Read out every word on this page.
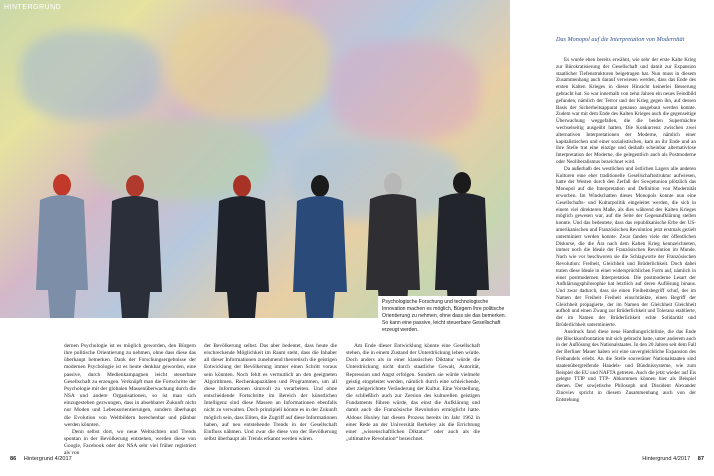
HINTERGRUND
Psychologische Forschung und technologische Innovation machen es möglich, Bürgern ihre politische Orientierung zu nehmen, ohne dass sie das bemerken. So kann eine passive, leicht steuerbare Gesellschaft erzeugt werden.

dernen Psychologie ist es möglich geworden, den Bürgern ihre politische Orientierung zu nehmen, ohne dass diese das überhaupt bemerken. Dank der Forschungsergebnisse der modernen Psychologie ist es heute denkbar geworden, eine passive, durch Medienkampagnen leicht steuerbare Gesellschaft zu erzeugen. Verknüpft man die Fortschritte der Psychologie mit der globalen Massenüberwachung durch die NSA und andere Organisationen, so ist man sich einzugestehen gezwungen, dass in absehbarer Zukunft nicht nur Moden und Lebensorientierungen, sondern überhaupt die Evolution von Weltbildern berechenbar und plänbar werden könnten.

Denn selbst dort, wo neue Weltsichten und Trends spontan in der Bevölkerung entstehen, werden diese von Google, Facebook oder der NSA sehr viel früher registriert als von

der Bevölkerung selbst. Das aber bedeutet, dass heute die erschreckende Möglichkeit im Raum steht, dass die Inhaber all dieser Informationen zunehmend theoretisch die geistigen Entwicklung der Bevölkerung immer einen Schritt voraus sein könnten. Noch fehlt es vermutlich an den geeigneten Algorithmen, Rechenkapazitäten und Programmen, um all diese Informationen sinnvoll zu verarbeiten. Und ohne entscheidende Fortschritte im Bereich der künstlichen Intelligenz sind diese Massen an Informationen ebenfalls nicht zu verwalten. Doch prinzipiell könnte es in der Zukunft möglich sein, dass Eliten, die Zugriff auf diese Informationen haben, auf neu entstehende Trends in der Gesellschaft Einfluss nähmen. Und zwar die diese von der Bevölkerung selbst überhaupt als Trends erkannt werden wären.

Am Ende dieser Entwicklung könnte eine Gesellschaft stehen, die in einem Zustand der Unterdrückung leben würde. Doch anders als in einer klassischen Diktatur würde die Unterdrückung nicht durch staatliche Gewalt, Autorität, Repression und Angst erfolgen. Sondern sie würde vielmehr geistig eingeleitet werden, nämlich durch eine schleichende, aber zielgerichtete Veränderung der Kultur. Eine Vorstellung, die schließlich auch zur Zersion des kulturellen geistigen Fundaments führen würde, das einst die Aufklärung und damit auch die Französische Revolution ermöglicht hatte. Aldous Huxley hat diesen Prozess bereits im Jahr 1962 in einer Rede an der Universität Berkeley als die Errichtung einer „wissenschaftlichen Diktatur“ oder auch als die „ultimative Revolution“ bezeichnet.

Das Monopol auf die Interpretation von Modernität

Es wurde eben bereits erwähnt, wie sehr der erste Kalte Krieg zur Bürokratisierung der Gesellschaft und damit zur Expansion staatlicher Tiefenstrukturen beigetragen hat. Nun muss in diesem Zusammenhang auch darauf verwiesen werden, dass das Ende des ersten Kalten Krieges in dieser Hinsicht keinerlei Besserung gebracht hat. So war innerhalb von zehn Jahren ein neues Feindbild gefunden, nämlich der Terror und der Krieg gegen ihn, auf dessen Basis der Sicherheitsapparat genauso ausgebaut werden konnte. Zudem war mit dem Ende des Kalten Krieges auch die gegenseitige Überwachung weggefallen, die die beiden Supermächte wechselseitig ausgeübt hatten. Die Konkurrenz zwischen zwei alternativen Interpretationen der Moderne, nämlich einer kapitalistischen und einer sozialistischen, kam an ihr Ende und an ihre Stelle trat eine einzige und deshalb scheinbar alternativlose Interpretation der Moderne, die gelegentlich auch als Postmoderne oder Neoliberalismus bezeichnet wird.

Da außerhalb des westlichen und östlichen Lagers alle anderen Kulturen eine eher traditionelle Gesellschaftsstruktur aufwiesen, hatte der Westen durch den Zerfall der Sowjetunion plötzlich das Monopol auf die Interpretation und Definition von Modernität erworben. Im Windschatten dieses Monopols konnte nun eine Gesellschafts- und Kulturpolitik eingeleitet werden, die sich in einem viel direkteren Maße, als dies während des Kalten Krieges möglich gewesen war, auf die Seite der Gegenaufklärung stellen konnte. Und das bedeutete, dass das republikanische Erbe der US-amerikanischen und Französischen Revolution jetzt erstmals gezielt unterminiert werden konnte. Zwar fanden viele der öffentlichen Diskurse, die die Ära nach dem Kalten Krieg kennzeichneten, immer noch die Ideale der Französischen Revolution im Munde. Nach wie vor beschworen sie die Schlagworte der Französischen Revolution: Freiheit, Gleichheit und Brüderlichkeit. Doch dabei traten diese Ideale in einer widersprüchlichen Form auf, nämlich in einer postmodernen Interpretation. Die postmoderne Lesart der Aufklärungsphilosophie hat letztlich auf deren Auflösung hinaus. Und zwar dadurch, dass sie einen Freiheitsbegriff schuf, der im Namen der Freiheit Freiheit einschränkte, einen Begriff der Gleichheit propagierte, der im Namen der Gleichheit Gleichheit aufhob und einen Zwang zur Brüderlichkeit und Toleranz etablierte, der im Namen der Brüderlichkeit echte Solidarität und Brüderlichkeit unterminierte.

Ausdruck fand diese neue Handlungsrichtlinie, die das Ende der Blockkonfrontation mit sich gebracht hatte, unter anderem auch in der Auflösung des Nationalstaates. In den 20 Jahren seit dem Fall der Berliner Mauer haben wir eine unvergleichliche Expansion des Freihandels erlebt. An die Stelle souveräner Nationalstaaten sind staatenübergreifende Handels- und Bündnissysteme, wie zum Beispiel die EU und NAFTA getreten. Auch die jetzt wieder auf Eis gelegte TTIP und TTP- Abkommen können hier als Beispiel dienen. Der sowjetische Philosoph und Dissident Alexander Zinoviev spricht in diesem Zusammenhang auch von der Entstehung

86 Hintergrund 4/2017	Hintergrund 4/2017 87
